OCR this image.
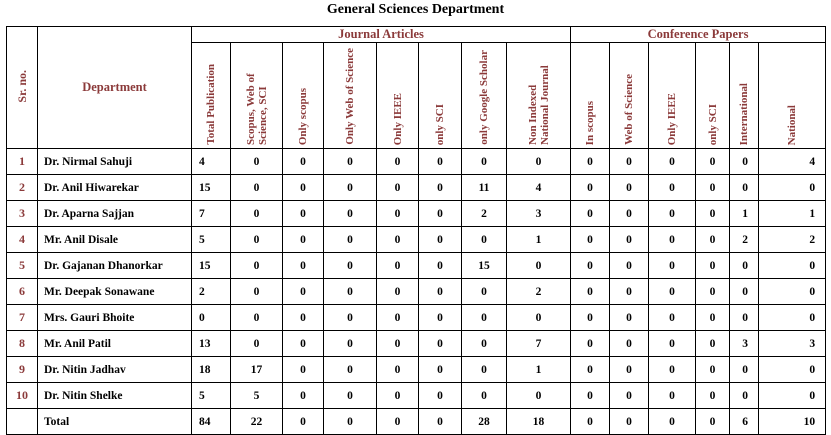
General Sciences Department
Sr. no.	Department	Journal Articles								Conference Papers					
		Total Publication	Scopus, Web of Science, SCI	Only scopus	Only Web of Science	Only IEEE	only SCI	only Google Scholar	Non Indexed National Journal	In scopus	Web of Science	Only IEEE	only SCI	International	National
1	Dr. Nirmal Sahuji	4	0	0	0	0	0	0	0	0	0	0	0	0	4
2	Dr. Anil Hiwarekar	15	0	0	0	0	0	11	4	0	0	0	0	0	0
3	Dr. Aparna Sajjan	7	0	0	0	0	0	2	3	0	0	0	0	1	1
4	Mr. Anil Disale	5	0	0	0	0	0	0	1	0	0	0	0	2	2
5	Dr. Gajanan Dhanorkar	15	0	0	0	0	0	15	0	0	0	0	0	0	0
6	Mr. Deepak Sonawane	2	0	0	0	0	0	0	2	0	0	0	0	0	0
7	Mrs. Gauri Bhoite	0	0	0	0	0	0	0	0	0	0	0	0	0	0
8	Mr. Anil Patil	13	0	0	0	0	0	0	7	0	0	0	0	3	3
9	Dr. Nitin Jadhav	18	17	0	0	0	0	0	1	0	0	0	0	0	0
10	Dr. Nitin Shelke	5	5	0	0	0	0	0	0	0	0	0	0	0	0
	Total	84	22	0	0	0	0	28	18	0	0	0	0	6	10
